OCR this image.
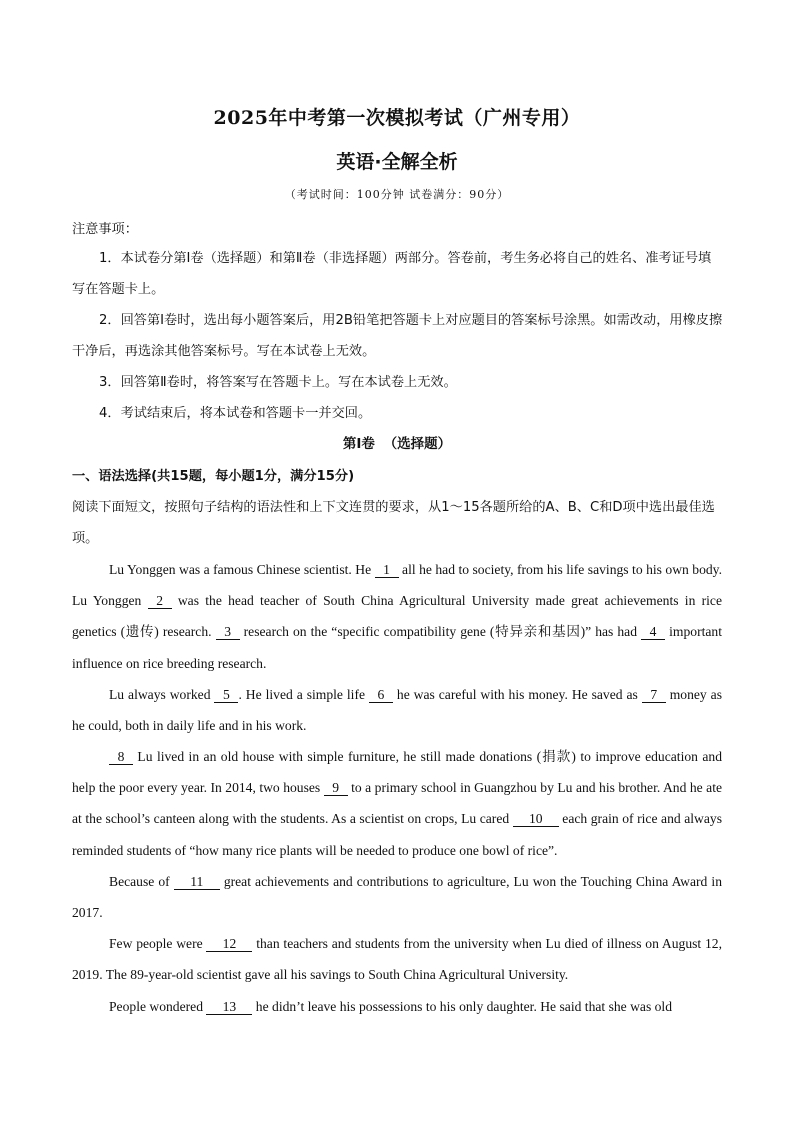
2025年中考第一次模拟考试（广州专用）
英语·全解全析
（考试时间：100分钟 试卷满分：90分）
注意事项：
1．本试卷分第Ⅰ卷（选择题）和第Ⅱ卷（非选择题）两部分。答卷前，考生务必将自己的姓名、准考证号填写在答题卡上。
2．回答第Ⅰ卷时，选出每小题答案后，用2B铅笔把答题卡上对应题目的答案标号涂黑。如需改动，用橡皮擦干净后，再选涂其他答案标号。写在本试卷上无效。
3．回答第Ⅱ卷时，将答案写在答题卡上。写在本试卷上无效。
4．考试结束后，将本试卷和答题卡一并交回。
第Ⅰ卷 （选择题）
一、语法选择(共15题，每小题1分，满分15分)
阅读下面短文，按照句子结构的语法性和上下文连贯的要求，从1～15各题所给的A、B、C和D项中选出最佳选项。
Lu Yonggen was a famous Chinese scientist. He 1 all he had to society, from his life savings to his own body. Lu Yonggen 2 was the head teacher of South China Agricultural University made great achievements in rice genetics (遗传) research. 3 research on the “specific compatibility gene (特异亲和基因)” has had 4 important influence on rice breeding research.
Lu always worked 5 . He lived a simple life 6 he was careful with his money. He saved as 7 money as he could, both in daily life and in his work.
8 Lu lived in an old house with simple furniture, he still made donations (捐款) to improve education and help the poor every year. In 2014, two houses 9 to a primary school in Guangzhou by Lu and his brother. And he ate at the school’s canteen along with the students. As a scientist on crops, Lu cared 10 each grain of rice and always reminded students of “how many rice plants will be needed to produce one bowl of rice”.
Because of 11 great achievements and contributions to agriculture, Lu won the Touching China Award in 2017.
Few people were 12 than teachers and students from the university when Lu died of illness on August 12, 2019. The 89-year-old scientist gave all his savings to South China Agricultural University.
People wondered 13 he didn’t leave his possessions to his only daughter. He said that she was old
